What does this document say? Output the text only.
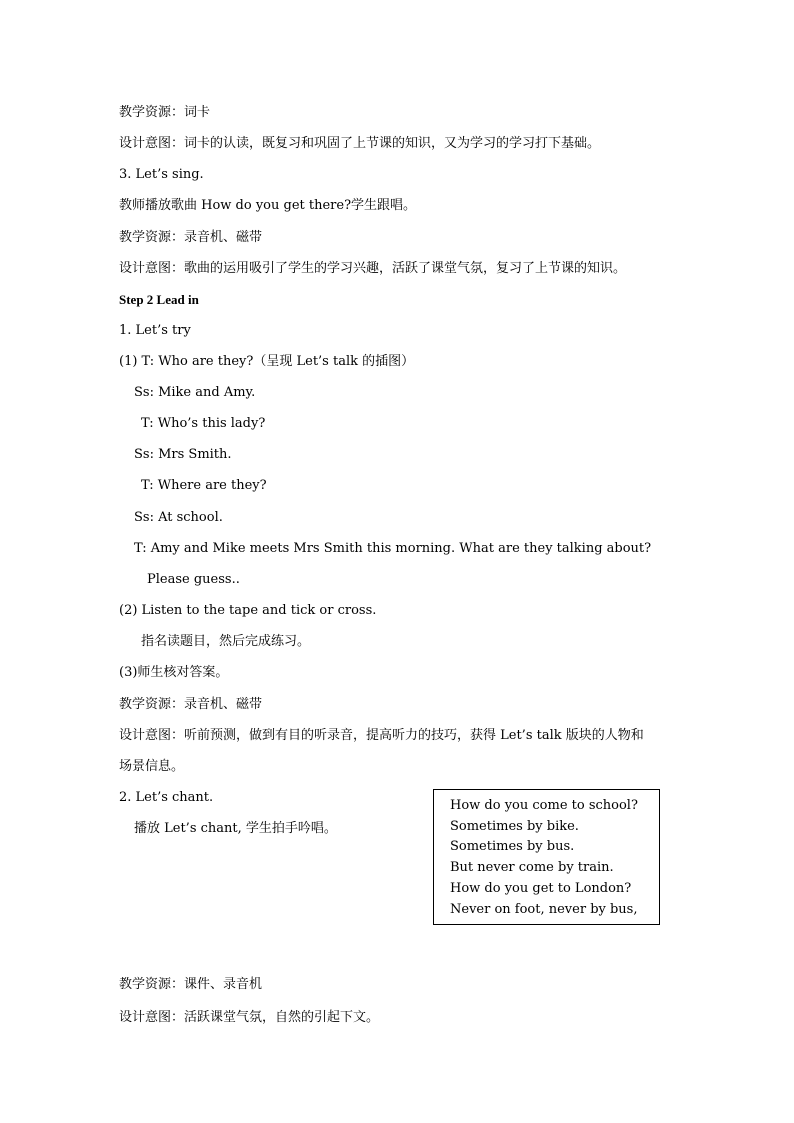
教学资源：词卡
设计意图：词卡的认读，既复习和巩固了上节课的知识，又为学习的学习打下基础。
3. Let’s sing.
教师播放歌曲 How do you get there?学生跟唱。
教学资源：录音机、磁带
设计意图：歌曲的运用吸引了学生的学习兴趣，活跃了课堂气氛，复习了上节课的知识。
Step 2 Lead in
1. Let’s try
(1) T: Who are they?（呈现 Let’s talk 的插图）
Ss: Mike and Amy.
T: Who’s this lady?
Ss: Mrs Smith.
T: Where are they?
Ss: At school.
T: Amy and Mike meets Mrs Smith this morning. What are they talking about?
Please guess..
(2) Listen to the tape and tick or cross.
指名读题目，然后完成练习。
(3)师生核对答案。
教学资源：录音机、磁带
设计意图：听前预测，做到有目的听录音，提高听力的技巧，获得 Let’s talk 版块的人物和
场景信息。
2. Let’s chant.
播放 Let’s chant, 学生拍手吟唱。
How do you come to school?
Sometimes by bike.
Sometimes by bus.
But never come by train.
How do you get to London?
Never on foot, never by bus,
教学资源：课件、录音机
设计意图：活跃课堂气氛，自然的引起下文。
